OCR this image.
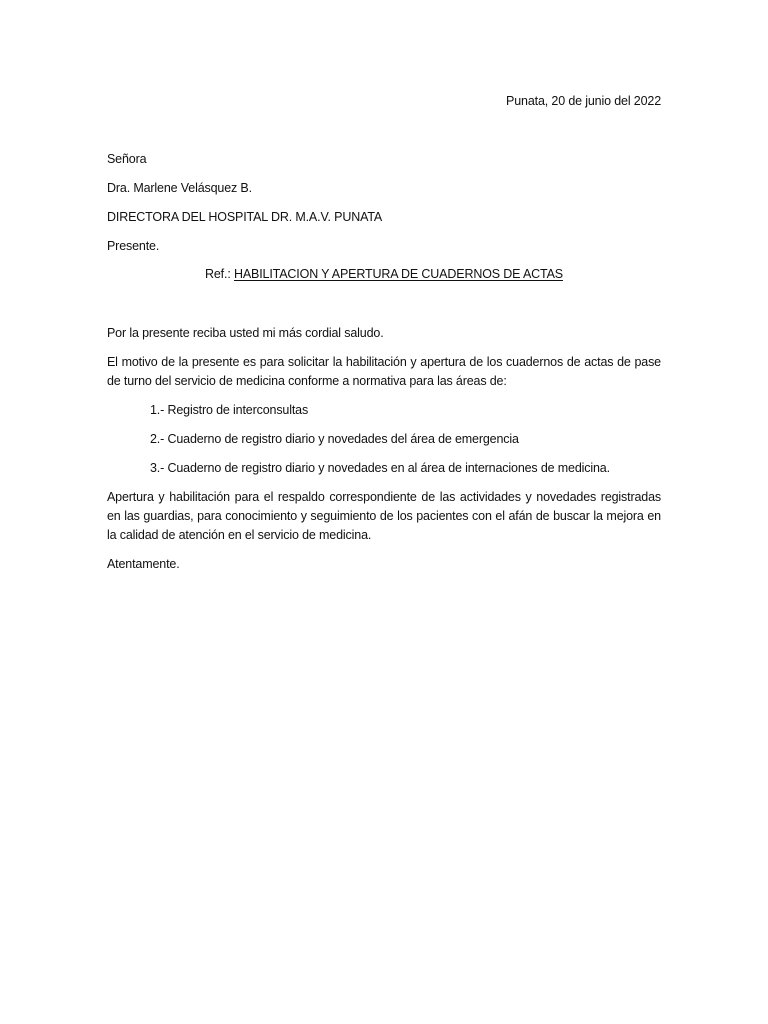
Punata, 20 de junio del 2022
Señora
Dra. Marlene Velásquez B.
DIRECTORA DEL HOSPITAL DR. M.A.V. PUNATA
Presente.
Ref.: HABILITACION Y APERTURA DE CUADERNOS DE ACTAS
Por la presente reciba usted mi más cordial saludo.

El motivo de la presente es para solicitar la habilitación y apertura de los cuadernos de actas de pase de turno del servicio de medicina conforme a normativa para las áreas de:

1.- Registro de interconsultas
2.- Cuaderno de registro diario y novedades del área de emergencia
3.- Cuaderno de registro diario y novedades en al área de internaciones de medicina.

Apertura y habilitación para el respaldo correspondiente de las actividades y novedades registradas en las guardias, para conocimiento y seguimiento de los pacientes con el afán de buscar la mejora en la calidad de atención en el servicio de medicina.

Atentamente.
